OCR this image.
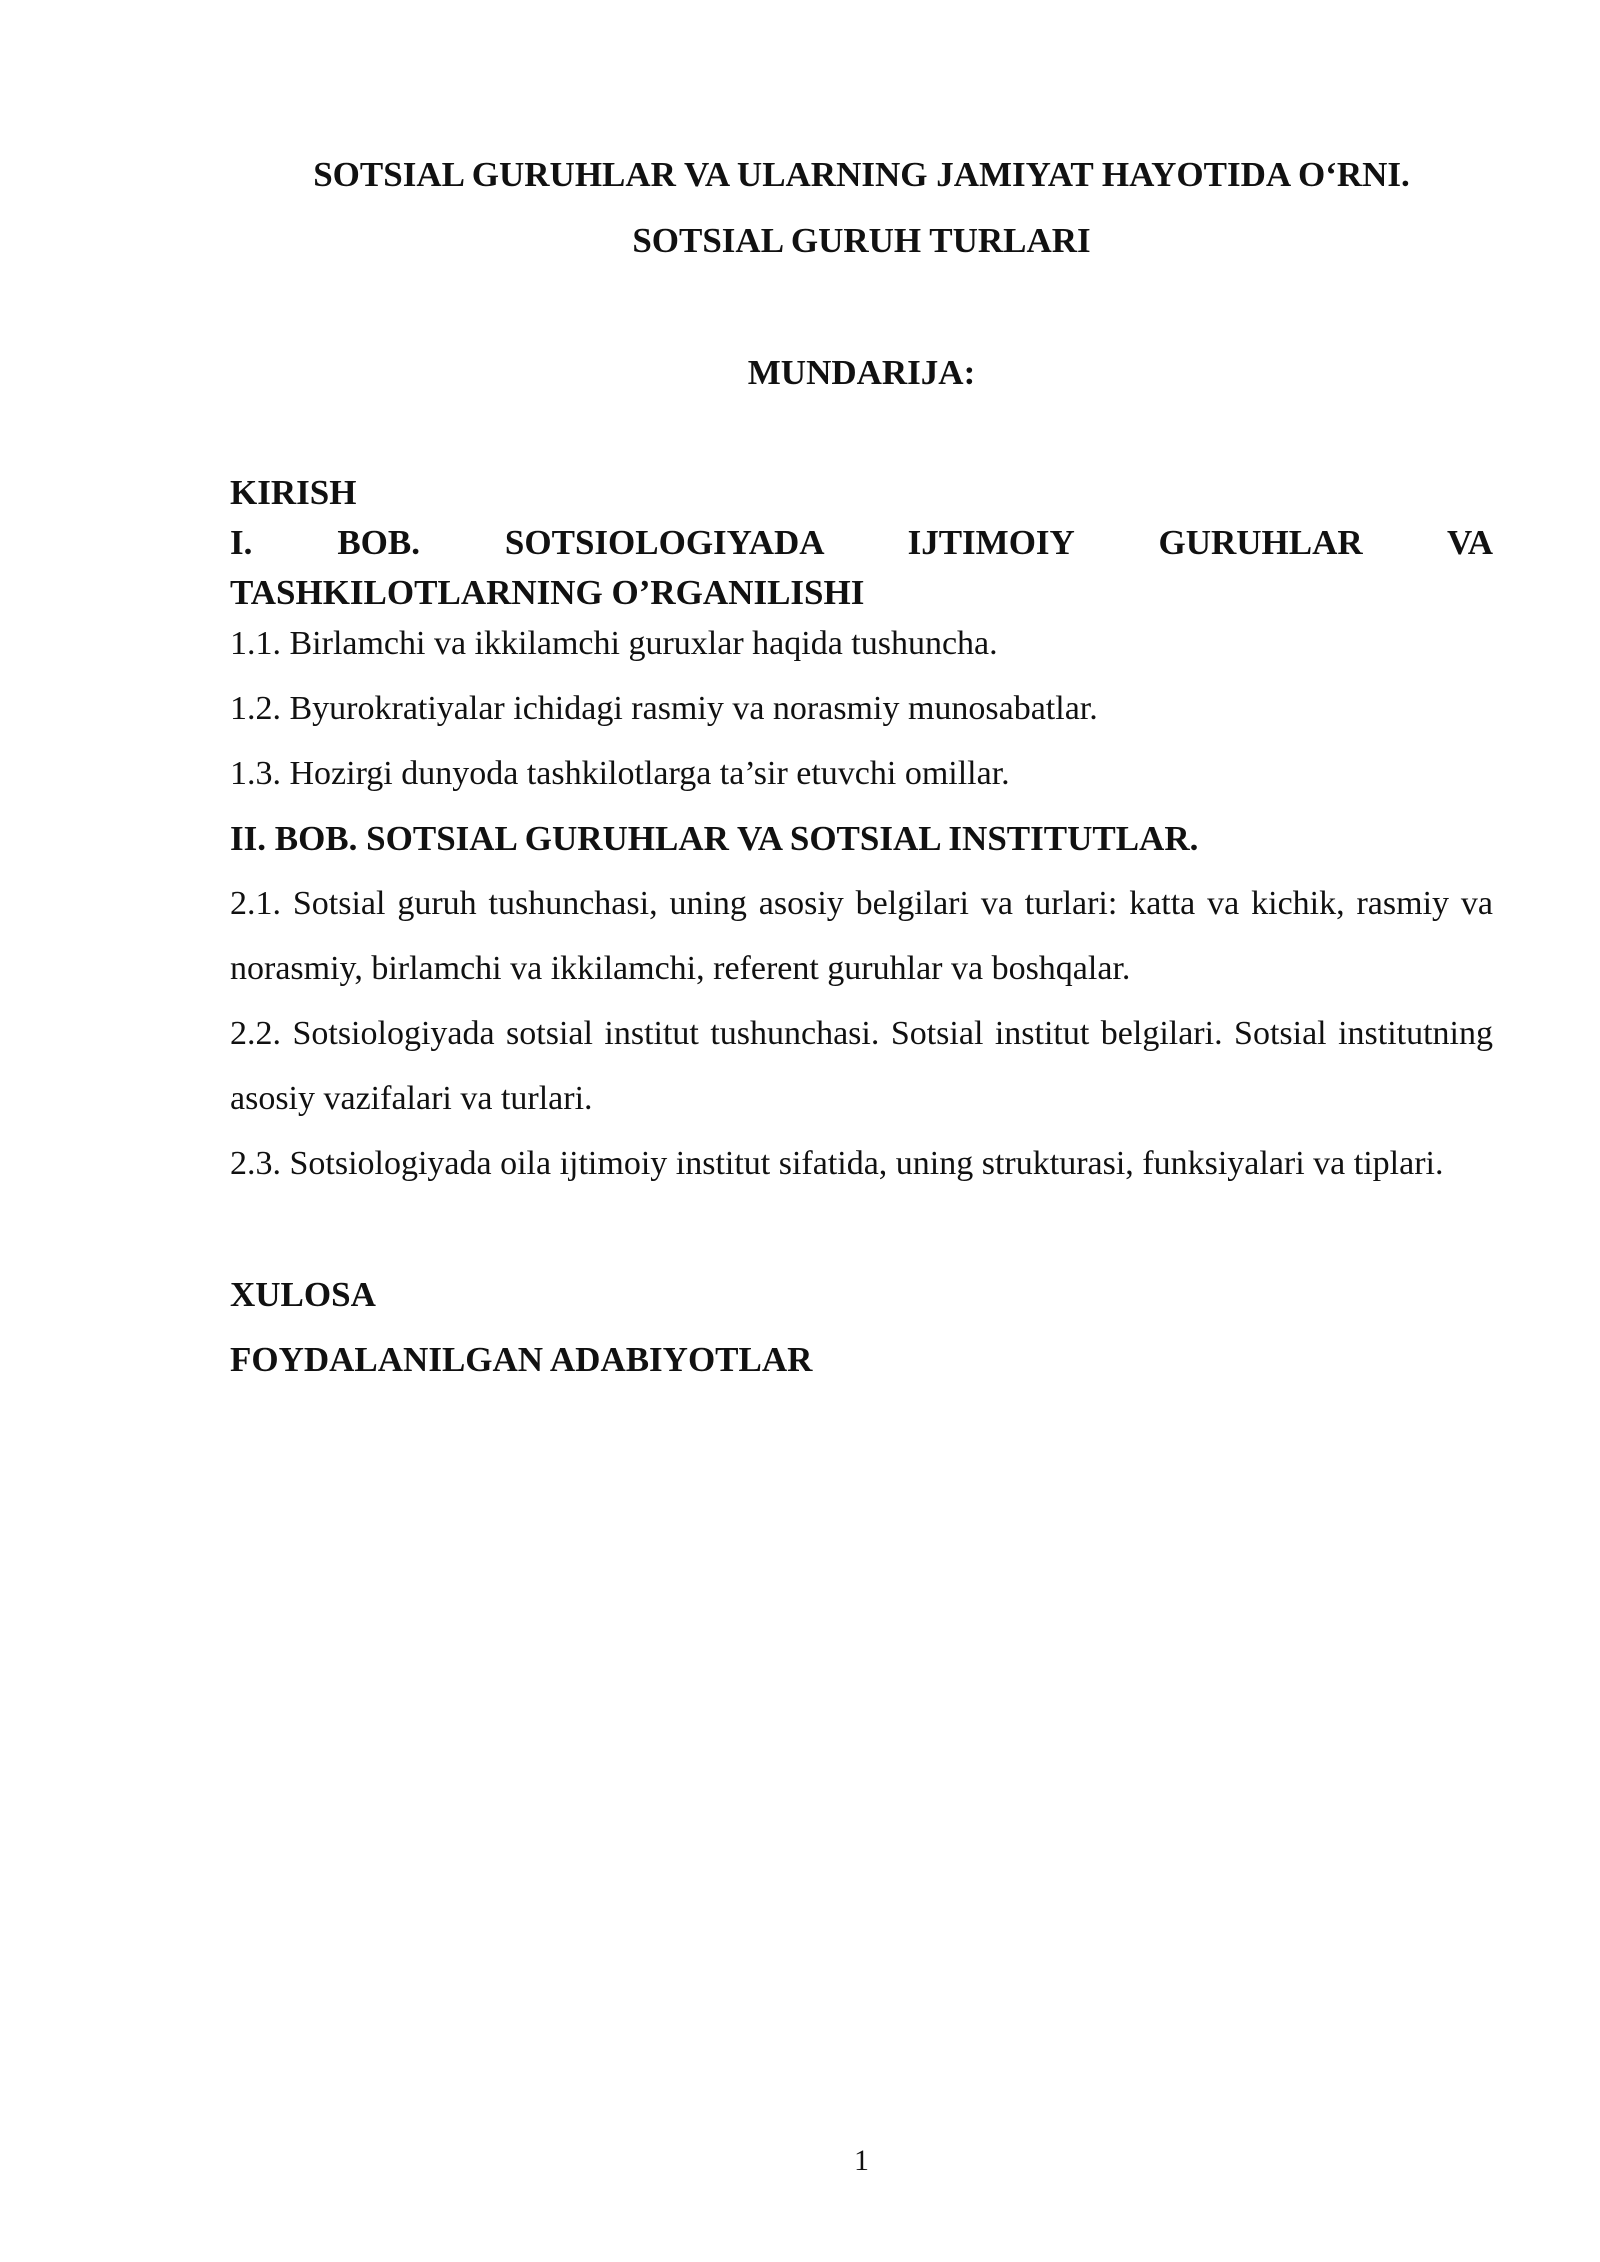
SOTSIAL GURUHLAR VA ULARNING JAMIYAT HAYOTIDA O‘RNI.
SOTSIAL GURUH TURLARI
MUNDARIJA:
KIRISH
I. BOB. SOTSIOLOGIYADA IJTIMOIY GURUHLAR VA
TASHKILOTLARNING O’RGANILISHI
1.1. Birlamchi va ikkilamchi guruxlar haqida tushuncha.
1.2. Byurokratiyalar ichidagi rasmiy va norasmiy munosabatlar.
1.3. Hozirgi dunyoda tashkilotlarga ta’sir etuvchi omillar.
II. BOB. SOTSIAL GURUHLAR VA SOTSIAL INSTITUTLAR.
2.1. Sotsial guruh tushunchasi, uning asosiy belgilari va turlari: katta va kichik, rasmiy va norasmiy, birlamchi va ikkilamchi, referent guruhlar va boshqalar.
2.2. Sotsiologiyada sotsial institut tushunchasi. Sotsial institut belgilari. Sotsial institutning asosiy vazifalari va turlari.
2.3. Sotsiologiyada oila ijtimoiy institut sifatida, uning strukturasi, funksiyalari va tiplari.
XULOSA
FOYDALANILGAN ADABIYOTLAR
1
